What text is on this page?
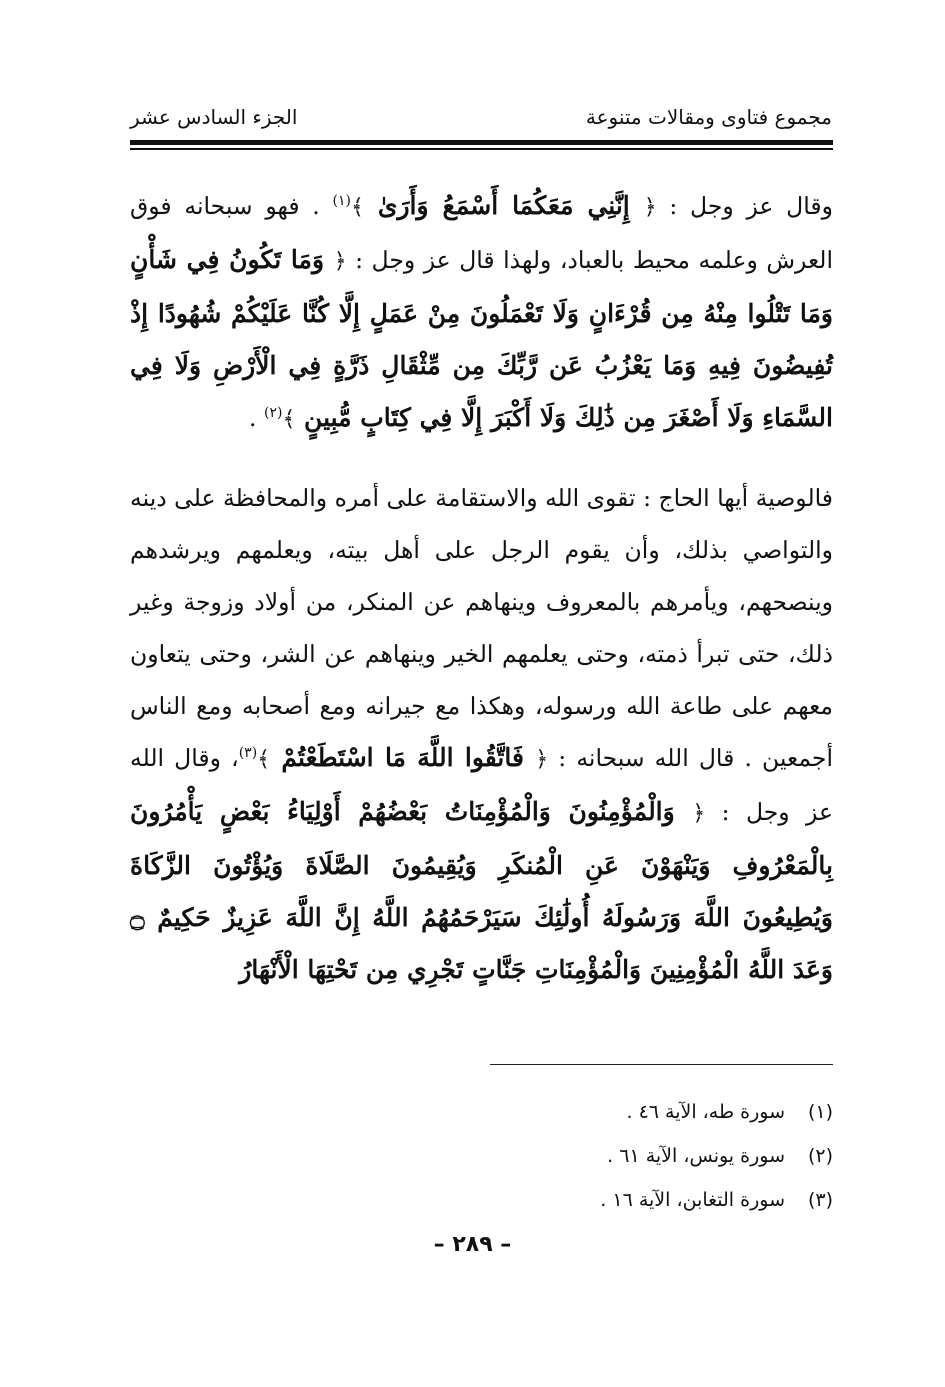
مجموع فتاوى ومقالات متنوعة
الجزء السادس عشر

وقال عز وجل : ﴿ إِنَّنِي مَعَكُمَا أَسْمَعُ وَأَرَىٰ ﴾$^{(١)}$ . فهو سبحانه فوق العرش وعلمه محيط بالعباد، ولهذا قال عز وجل : ﴿ وَمَا تَكُونُ فِي شَأْنٍ وَمَا تَتْلُوا مِنْهُ مِن قُرْءَانٍ وَلَا تَعْمَلُونَ مِنْ عَمَلٍ إِلَّا كُنَّا عَلَيْكُمْ شُهُودًا إِذْ تُفِيضُونَ فِيهِ وَمَا يَعْزُبُ عَن رَّبِّكَ مِن مِّثْقَالِ ذَرَّةٍ فِي الْأَرْضِ وَلَا فِي السَّمَاءِ وَلَا أَصْغَرَ مِن ذَٰلِكَ وَلَا أَكْبَرَ إِلَّا فِي كِتَابٍ مُّبِينٍ ﴾$^{(٢)}$ .

فالوصية أيها الحاج : تقوى الله والاستقامة على أمره والمحافظة على دينه والتواصي بذلك، وأن يقوم الرجل على أهل بيته، ويعلمهم ويرشدهم وينصحهم، ويأمرهم بالمعروف وينهاهم عن المنكر، من أولاد وزوجة وغير ذلك، حتى تبرأ ذمته، وحتى يعلمهم الخير وينهاهم عن الشر، وحتى يتعاون معهم على طاعة الله ورسوله، وهكذا مع جيرانه ومع أصحابه ومع الناس أجمعين . قال الله سبحانه : ﴿ فَاتَّقُوا اللَّهَ مَا اسْتَطَعْتُمْ ﴾$^{(٣)}$، وقال الله عز وجل : ﴿ وَالْمُؤْمِنُونَ وَالْمُؤْمِنَاتُ بَعْضُهُمْ أَوْلِيَاءُ بَعْضٍ يَأْمُرُونَ بِالْمَعْرُوفِ وَيَنْهَوْنَ عَنِ الْمُنكَرِ وَيُقِيمُونَ الصَّلَاةَ وَيُؤْتُونَ الزَّكَاةَ وَيُطِيعُونَ اللَّهَ وَرَسُولَهُ أُولَٰئِكَ سَيَرْحَمُهُمُ اللَّهُ إِنَّ اللَّهَ عَزِيزٌ حَكِيمٌ ۝ وَعَدَ اللَّهُ الْمُؤْمِنِينَ وَالْمُؤْمِنَاتِ جَنَّاتٍ تَجْرِي مِن تَحْتِهَا الْأَنْهَارُ

(١)
سورة طه، الآية ٤٦ .
(٢)
سورة يونس، الآية ٦١ .
(٣)
سورة التغابن، الآية ١٦ .
– ٢٨٩ –
